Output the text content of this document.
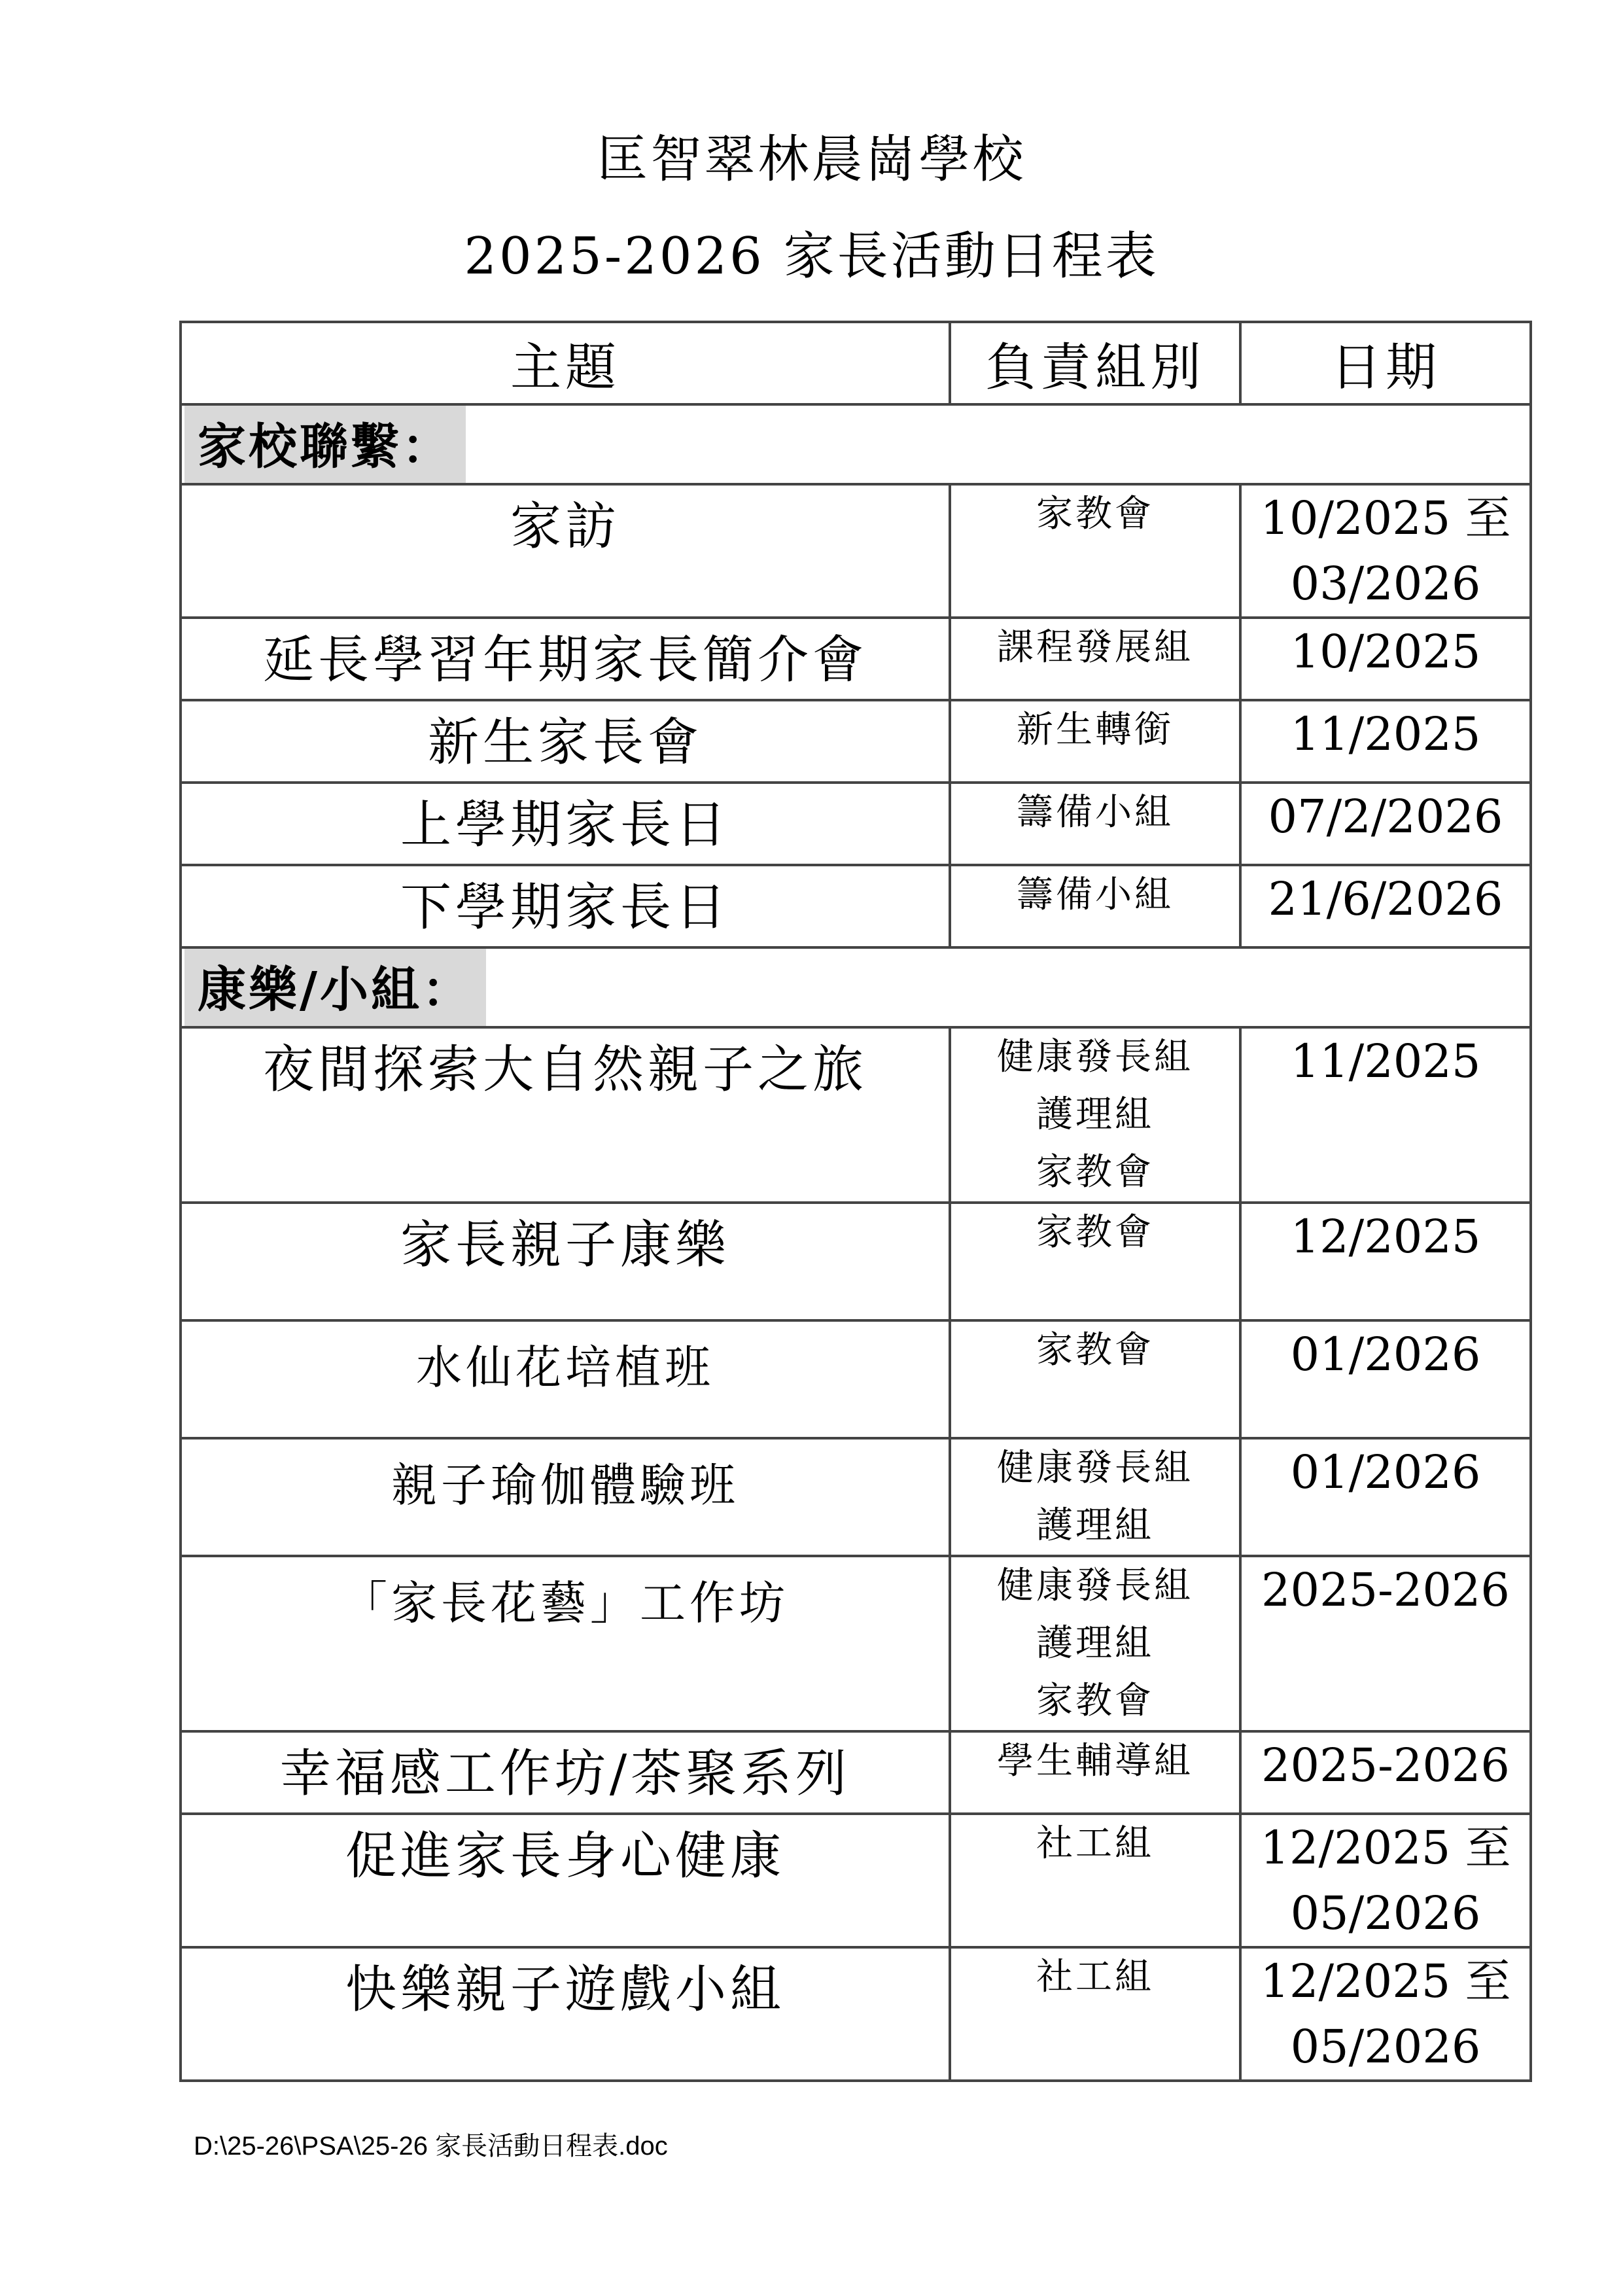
匡智翠林晨崗學校
2025-2026 家長活動日程表
主題	負責組別	日期
家校聯繫：		
家訪	家教會	10/2025 至
03/2026

延長學習年期家長簡介會	課程發展組	10/2025

新生家長會	新生轉銜	11/2025

上學期家長日	籌備小組	07/2/2026

下學期家長日	籌備小組	21/6/2026

康樂/小組：		
夜間探索大自然親子之旅	健康發長組
護理組
家教會	11/2025

家長親子康樂	家教會	12/2025

水仙花培植班	家教會	01/2026

親子瑜伽體驗班	健康發長組
護理組	01/2026

「家長花藝」工作坊	健康發長組
護理組
家教會	2025-2026

幸福感工作坊/茶聚系列	學生輔導組	2025-2026

促進家長身心健康	社工組	12/2025 至
05/2026

快樂親子遊戲小組	社工組	12/2025 至
05/2026
D:\25-26\PSA\25-26 家長活動日程表.doc
